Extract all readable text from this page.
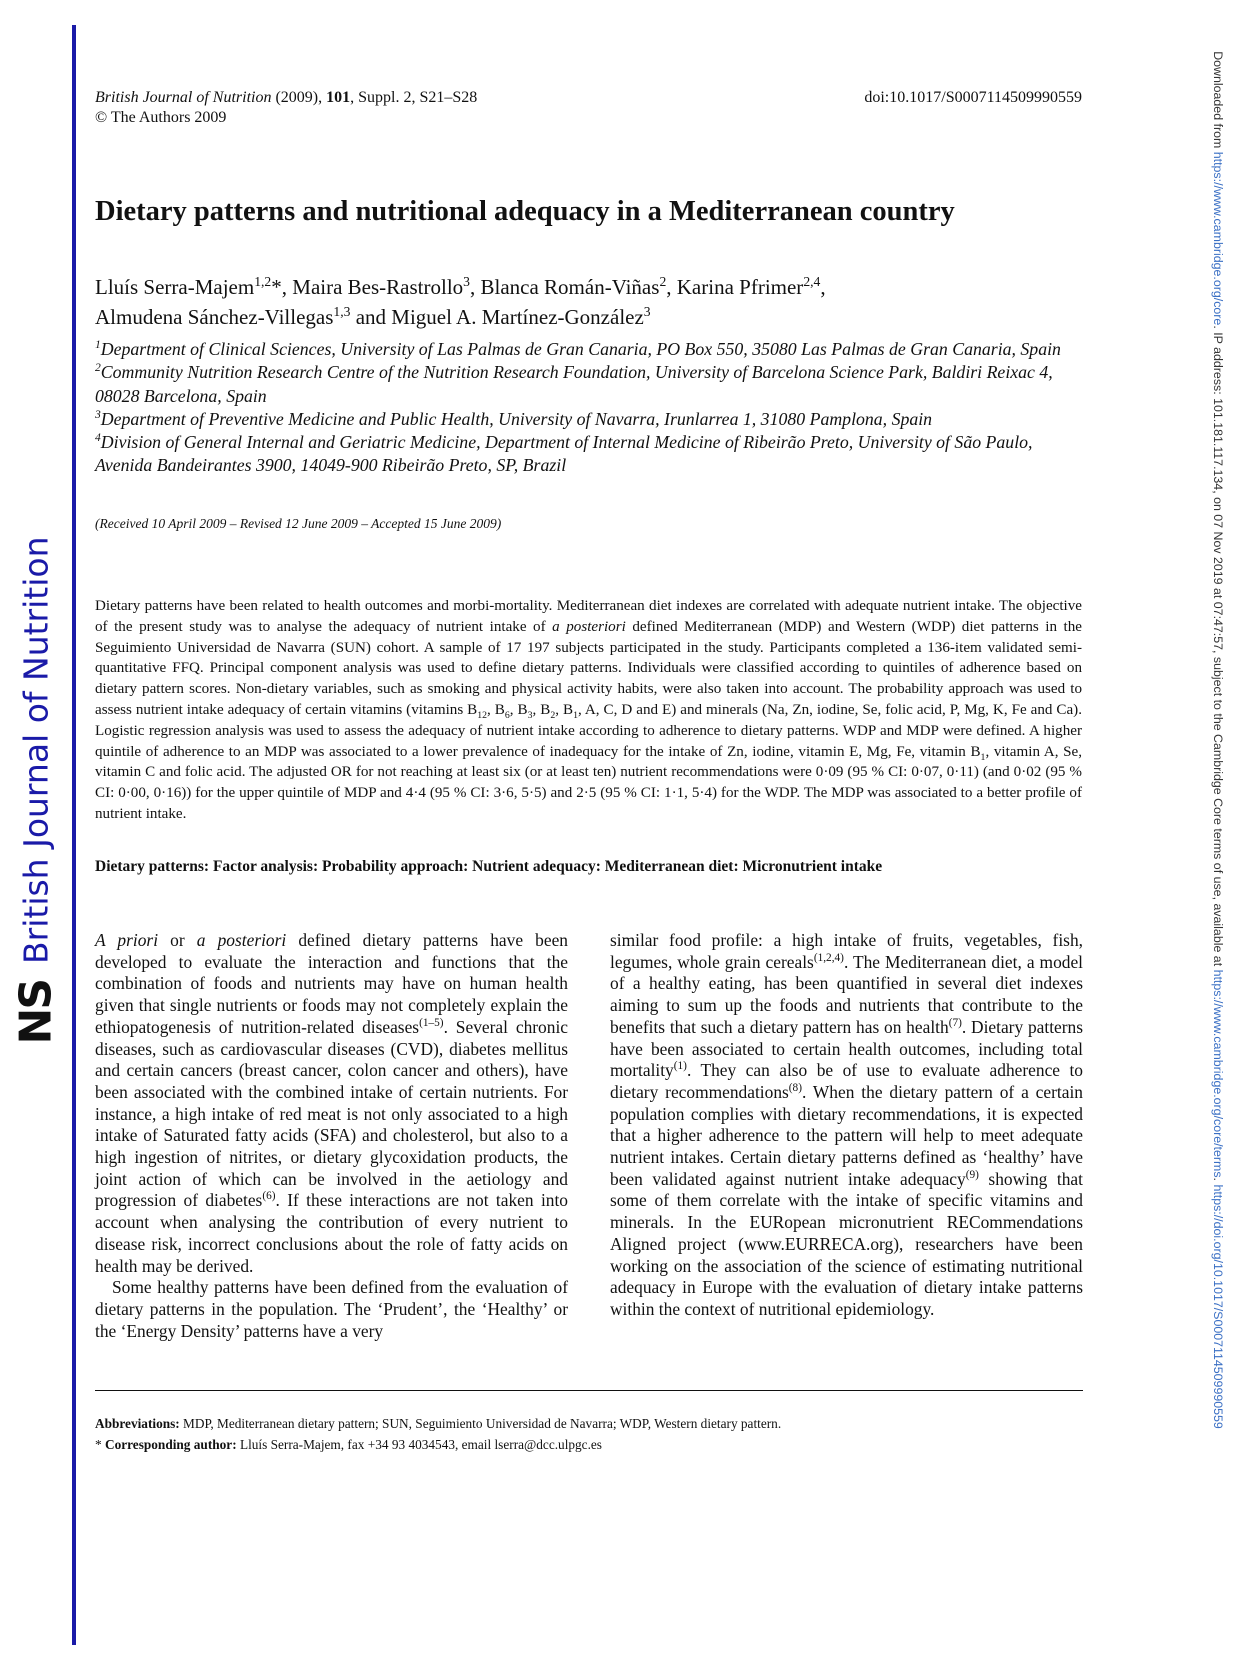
NS
British Journal of Nutrition
Downloaded from https://www.cambridge.org/core. IP address: 101.181.117.134, on 07 Nov 2019 at 07:47:57, subject to the Cambridge Core terms of use, available at https://www.cambridge.org/core/terms. https://doi.org/10.1017/S0007114509990559
British Journal of Nutrition (2009), 101, Suppl. 2, S21–S28
© The Authors 2009
doi:10.1017/S0007114509990559
Dietary patterns and nutritional adequacy in a Mediterranean country
Lluís Serra-Majem$^{1,2}$*, Maira Bes-Rastrollo$^3$, Blanca Román-Viñas$^2$, Karina Pfrimer$^{2,4}$,
Almudena Sánchez-Villegas$^{1,3}$ and Miguel A. Martínez-González$^3$
$^1$Department of Clinical Sciences, University of Las Palmas de Gran Canaria, PO Box 550, 35080 Las Palmas de Gran Canaria, Spain
$^2$Community Nutrition Research Centre of the Nutrition Research Foundation, University of Barcelona Science Park, Baldiri Reixac 4, 08028 Barcelona, Spain
$^3$Department of Preventive Medicine and Public Health, University of Navarra, Irunlarrea 1, 31080 Pamplona, Spain
$^4$Division of General Internal and Geriatric Medicine, Department of Internal Medicine of Ribeirão Preto, University of São Paulo, Avenida Bandeirantes 3900, 14049-900 Ribeirão Preto, SP, Brazil
(Received 10 April 2009 – Revised 12 June 2009 – Accepted 15 June 2009)
Dietary patterns have been related to health outcomes and morbi-mortality. Mediterranean diet indexes are correlated with adequate nutrient intake. The objective of the present study was to analyse the adequacy of nutrient intake of a posteriori defined Mediterranean (MDP) and Western (WDP) diet patterns in the Seguimiento Universidad de Navarra (SUN) cohort. A sample of 17 197 subjects participated in the study. Participants completed a 136-item validated semi-quantitative FFQ. Principal component analysis was used to define dietary patterns. Individuals were classified according to quintiles of adherence based on dietary pattern scores. Non-dietary variables, such as smoking and physical activity habits, were also taken into account. The probability approach was used to assess nutrient intake adequacy of certain vitamins (vitamins $B_{12}$, $B_6$, $B_3$, $B_2$, $B_1$, A, C, D and E) and minerals (Na, Zn, iodine, Se, folic acid, P, Mg, K, Fe and Ca). Logistic regression analysis was used to assess the adequacy of nutrient intake according to adherence to dietary patterns. WDP and MDP were defined. A higher quintile of adherence to an MDP was associated to a lower prevalence of inadequacy for the intake of Zn, iodine, vitamin E, Mg, Fe, vitamin $B_1$, vitamin A, Se, vitamin C and folic acid. The adjusted OR for not reaching at least six (or at least ten) nutrient recommendations were 0·09 (95 % CI: 0·07, 0·11) (and 0·02 (95 % CI: 0·00, 0·16)) for the upper quintile of MDP and 4·4 (95 % CI: 3·6, 5·5) and 2·5 (95 % CI: 1·1, 5·4) for the WDP. The MDP was associated to a better profile of nutrient intake.
Dietary patterns: Factor analysis: Probability approach: Nutrient adequacy: Mediterranean diet: Micronutrient intake

A priori or a posteriori defined dietary patterns have been developed to evaluate the interaction and functions that the combination of foods and nutrients may have on human health given that single nutrients or foods may not completely explain the ethiopatogenesis of nutrition-related diseases$^{(1-5)}$. Several chronic diseases, such as cardiovascular diseases (CVD), diabetes mellitus and certain cancers (breast cancer, colon cancer and others), have been associated with the combined intake of certain nutrients. For instance, a high intake of red meat is not only associated to a high intake of Saturated fatty acids (SFA) and cholesterol, but also to a high ingestion of nitrites, or dietary glycoxidation products, the joint action of which can be involved in the aetiology and progression of diabetes$^{(6)}$. If these interactions are not taken into account when analysing the contribution of every nutrient to disease risk, incorrect conclusions about the role of fatty acids on health may be derived.

Some healthy patterns have been defined from the evaluation of dietary patterns in the population. The ‘Prudent’, the ‘Healthy’ or the ‘Energy Density’ patterns have a very

similar food profile: a high intake of fruits, vegetables, fish, legumes, whole grain cereals$^{(1,2,4)}$. The Mediterranean diet, a model of a healthy eating, has been quantified in several diet indexes aiming to sum up the foods and nutrients that contribute to the benefits that such a dietary pattern has on health$^{(7)}$. Dietary patterns have been associated to certain health outcomes, including total mortality$^{(1)}$. They can also be of use to evaluate adherence to dietary recommendations$^{(8)}$. When the dietary pattern of a certain population complies with dietary recommendations, it is expected that a higher adherence to the pattern will help to meet adequate nutrient intakes. Certain dietary patterns defined as ‘healthy’ have been validated against nutrient intake adequacy$^{(9)}$ showing that some of them correlate with the intake of specific vitamins and minerals. In the EURopean micronutrient RECommendations Aligned project (www.EURRECA.org), researchers have been working on the association of the science of estimating nutritional adequacy in Europe with the evaluation of dietary intake patterns within the context of nutritional epidemiology.

Abbreviations: MDP, Mediterranean dietary pattern; SUN, Seguimiento Universidad de Navarra; WDP, Western dietary pattern.
* Corresponding author: Lluís Serra-Majem, fax +34 93 4034543, email lserra@dcc.ulpgc.es
